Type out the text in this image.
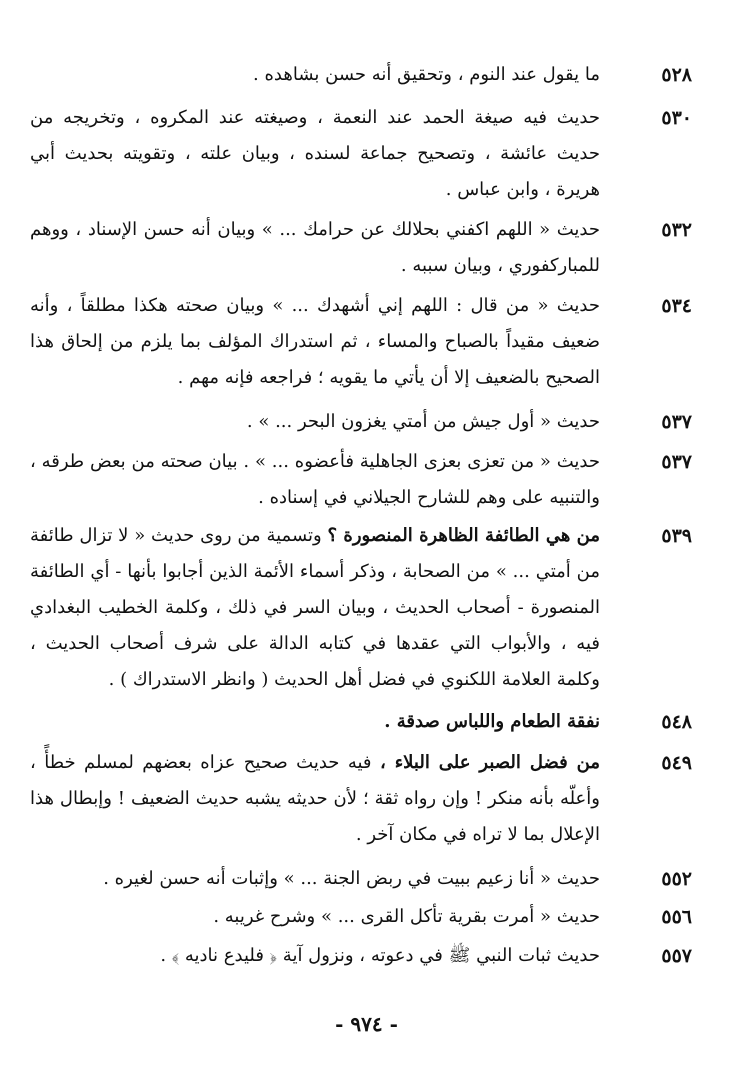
٥٢٨
ما يقول عند النوم ، وتحقيق أنه حسن بشاهده .
٥٣٠
حديث فيه صيغة الحمد عند النعمة ، وصيغته عند المكروه ، وتخريجه من حديث عائشة ، وتصحيح جماعة لسنده ، وبيان علته ، وتقويته بحديث أبي هريرة ، وابن عباس .
٥٣٢
حديث « اللهم اكفني بحلالك عن حرامك ... » وبيان أنه حسن الإسناد ، ووهم للمباركفوري ، وبيان سببه .
٥٣٤
حديث « من قال : اللهم إني أشهدك ... » وبيان صحته هكذا مطلقاً ، وأنه ضعيف مقيداً بالصباح والمساء ، ثم استدراك المؤلف بما يلزم من إلحاق هذا الصحيح بالضعيف إلا أن يأتي ما يقويه ؛ فراجعه فإنه مهم .
٥٣٧
حديث « أول جيش من أمتي يغزون البحر ... » .
٥٣٧
حديث « من تعزى بعزى الجاهلية فأعضوه ... » . بيان صحته من بعض طرقه ، والتنبيه على وهم للشارح الجيلاني في إسناده .
٥٣٩
من هي الطائفة الظاهرة المنصورة ؟ وتسمية من روى حديث « لا تزال طائفة من أمتي ... » من الصحابة ، وذكر أسماء الأئمة الذين أجابوا بأنها - أي الطائفة المنصورة - أصحاب الحديث ، وبيان السر في ذلك ، وكلمة الخطيب البغدادي فيه ، والأبواب التي عقدها في كتابه الدالة على شرف أصحاب الحديث ، وكلمة العلامة اللكنوي في فضل أهل الحديث ( وانظر الاستدراك ) .
٥٤٨
نفقة الطعام واللباس صدقة .
٥٤٩
من فضل الصبر على البلاء ، فيه حديث صحيح عزاه بعضهم لمسلم خطأً ، وأعلّه بأنه منكر ! وإن رواه ثقة ؛ لأن حديثه يشبه حديث الضعيف ! وإبطال هذا الإعلال بما لا تراه في مكان آخر .
٥٥٢
حديث « أنا زعيم ببيت في ربض الجنة ... » وإثبات أنه حسن لغيره .
٥٥٦
حديث « أمرت بقرية تأكل القرى ... » وشرح غريبه .
٥٥٧
حديث ثبات النبي ﷺ في دعوته ، ونزول آية ﴿ فليدع ناديه ﴾ .
- ٩٧٤ -
